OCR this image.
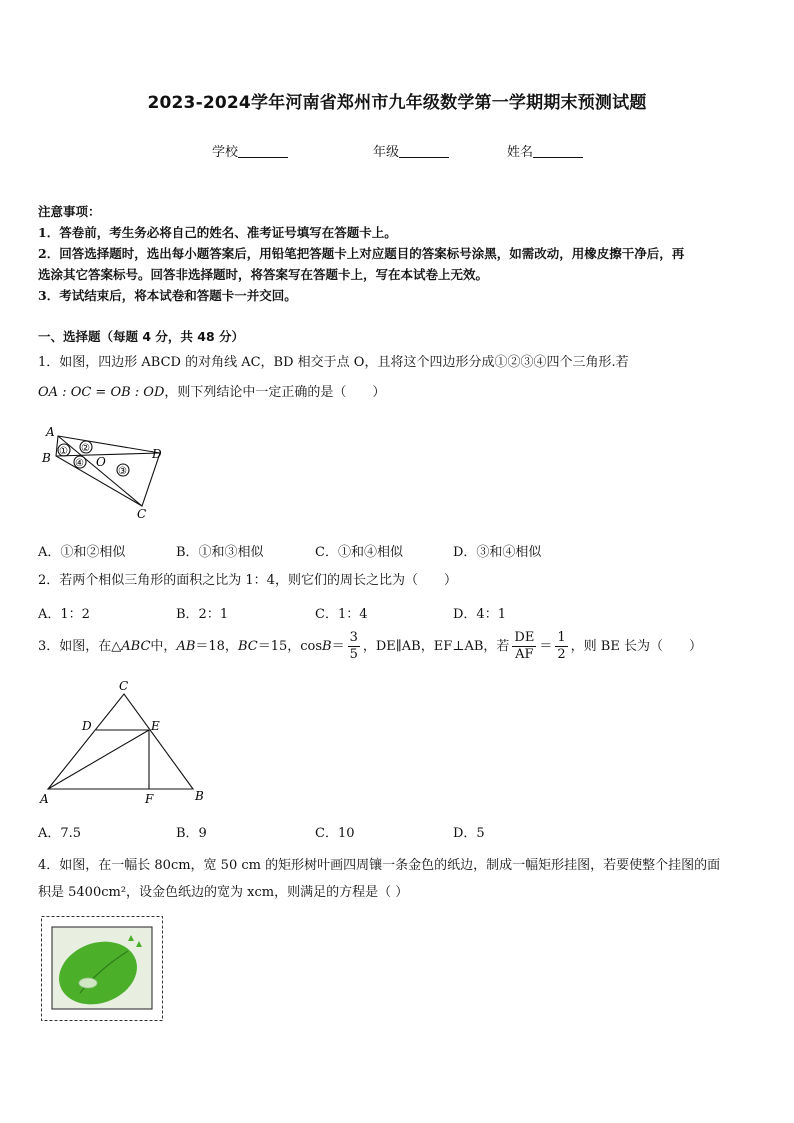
2023-2024学年河南省郑州市九年级数学第一学期期末预测试题
学校	年级	姓名
注意事项：
1．答卷前，考生务必将自己的姓名、准考证号填写在答题卡上。
2．回答选择题时，选出每小题答案后，用铅笔把答题卡上对应题目的答案标号涂黑，如需改动，用橡皮擦干净后，再
选涂其它答案标号。回答非选择题时，将答案写在答题卡上，写在本试卷上无效。
3．考试结束后，将本试卷和答题卡一并交回。
一、选择题（每题 4 分，共 48 分）
1．如图，四边形 ABCD 的对角线 AC，BD 相交于点 O，且将这个四边形分成①②③④四个三角形.若
OA : OC = OB : OD，则下列结论中一定正确的是（　　）
A
B	D
C
O
① ②
④
③
A．①和②相似	B．①和③相似	C．①和④相似	D．③和④相似
2．若两个相似三角形的面积之比为 1：4，则它们的周长之比为（　　）
A．1：2	B．2：1	C．1：4	D．4：1
3．如图，在△ABC中，AB＝18，BC＝15，$\cos B= \frac{3}{5}$ ，DE∥AB，EF⊥AB，若 $\frac{DE}{AF} = \frac{1}{2}$ ，则 BE 长为（　　）
C
D	E
A	F	B
A．7.5	B．9	C．10	D．5
4．如图，在一幅长 80cm，宽 50 cm 的矩形树叶画四周镶一条金色的纸边，制成一幅矩形挂图，若要使整个挂图的面
积是 5400cm²，设金色纸边的宽为 xcm，则满足的方程是（ ）
